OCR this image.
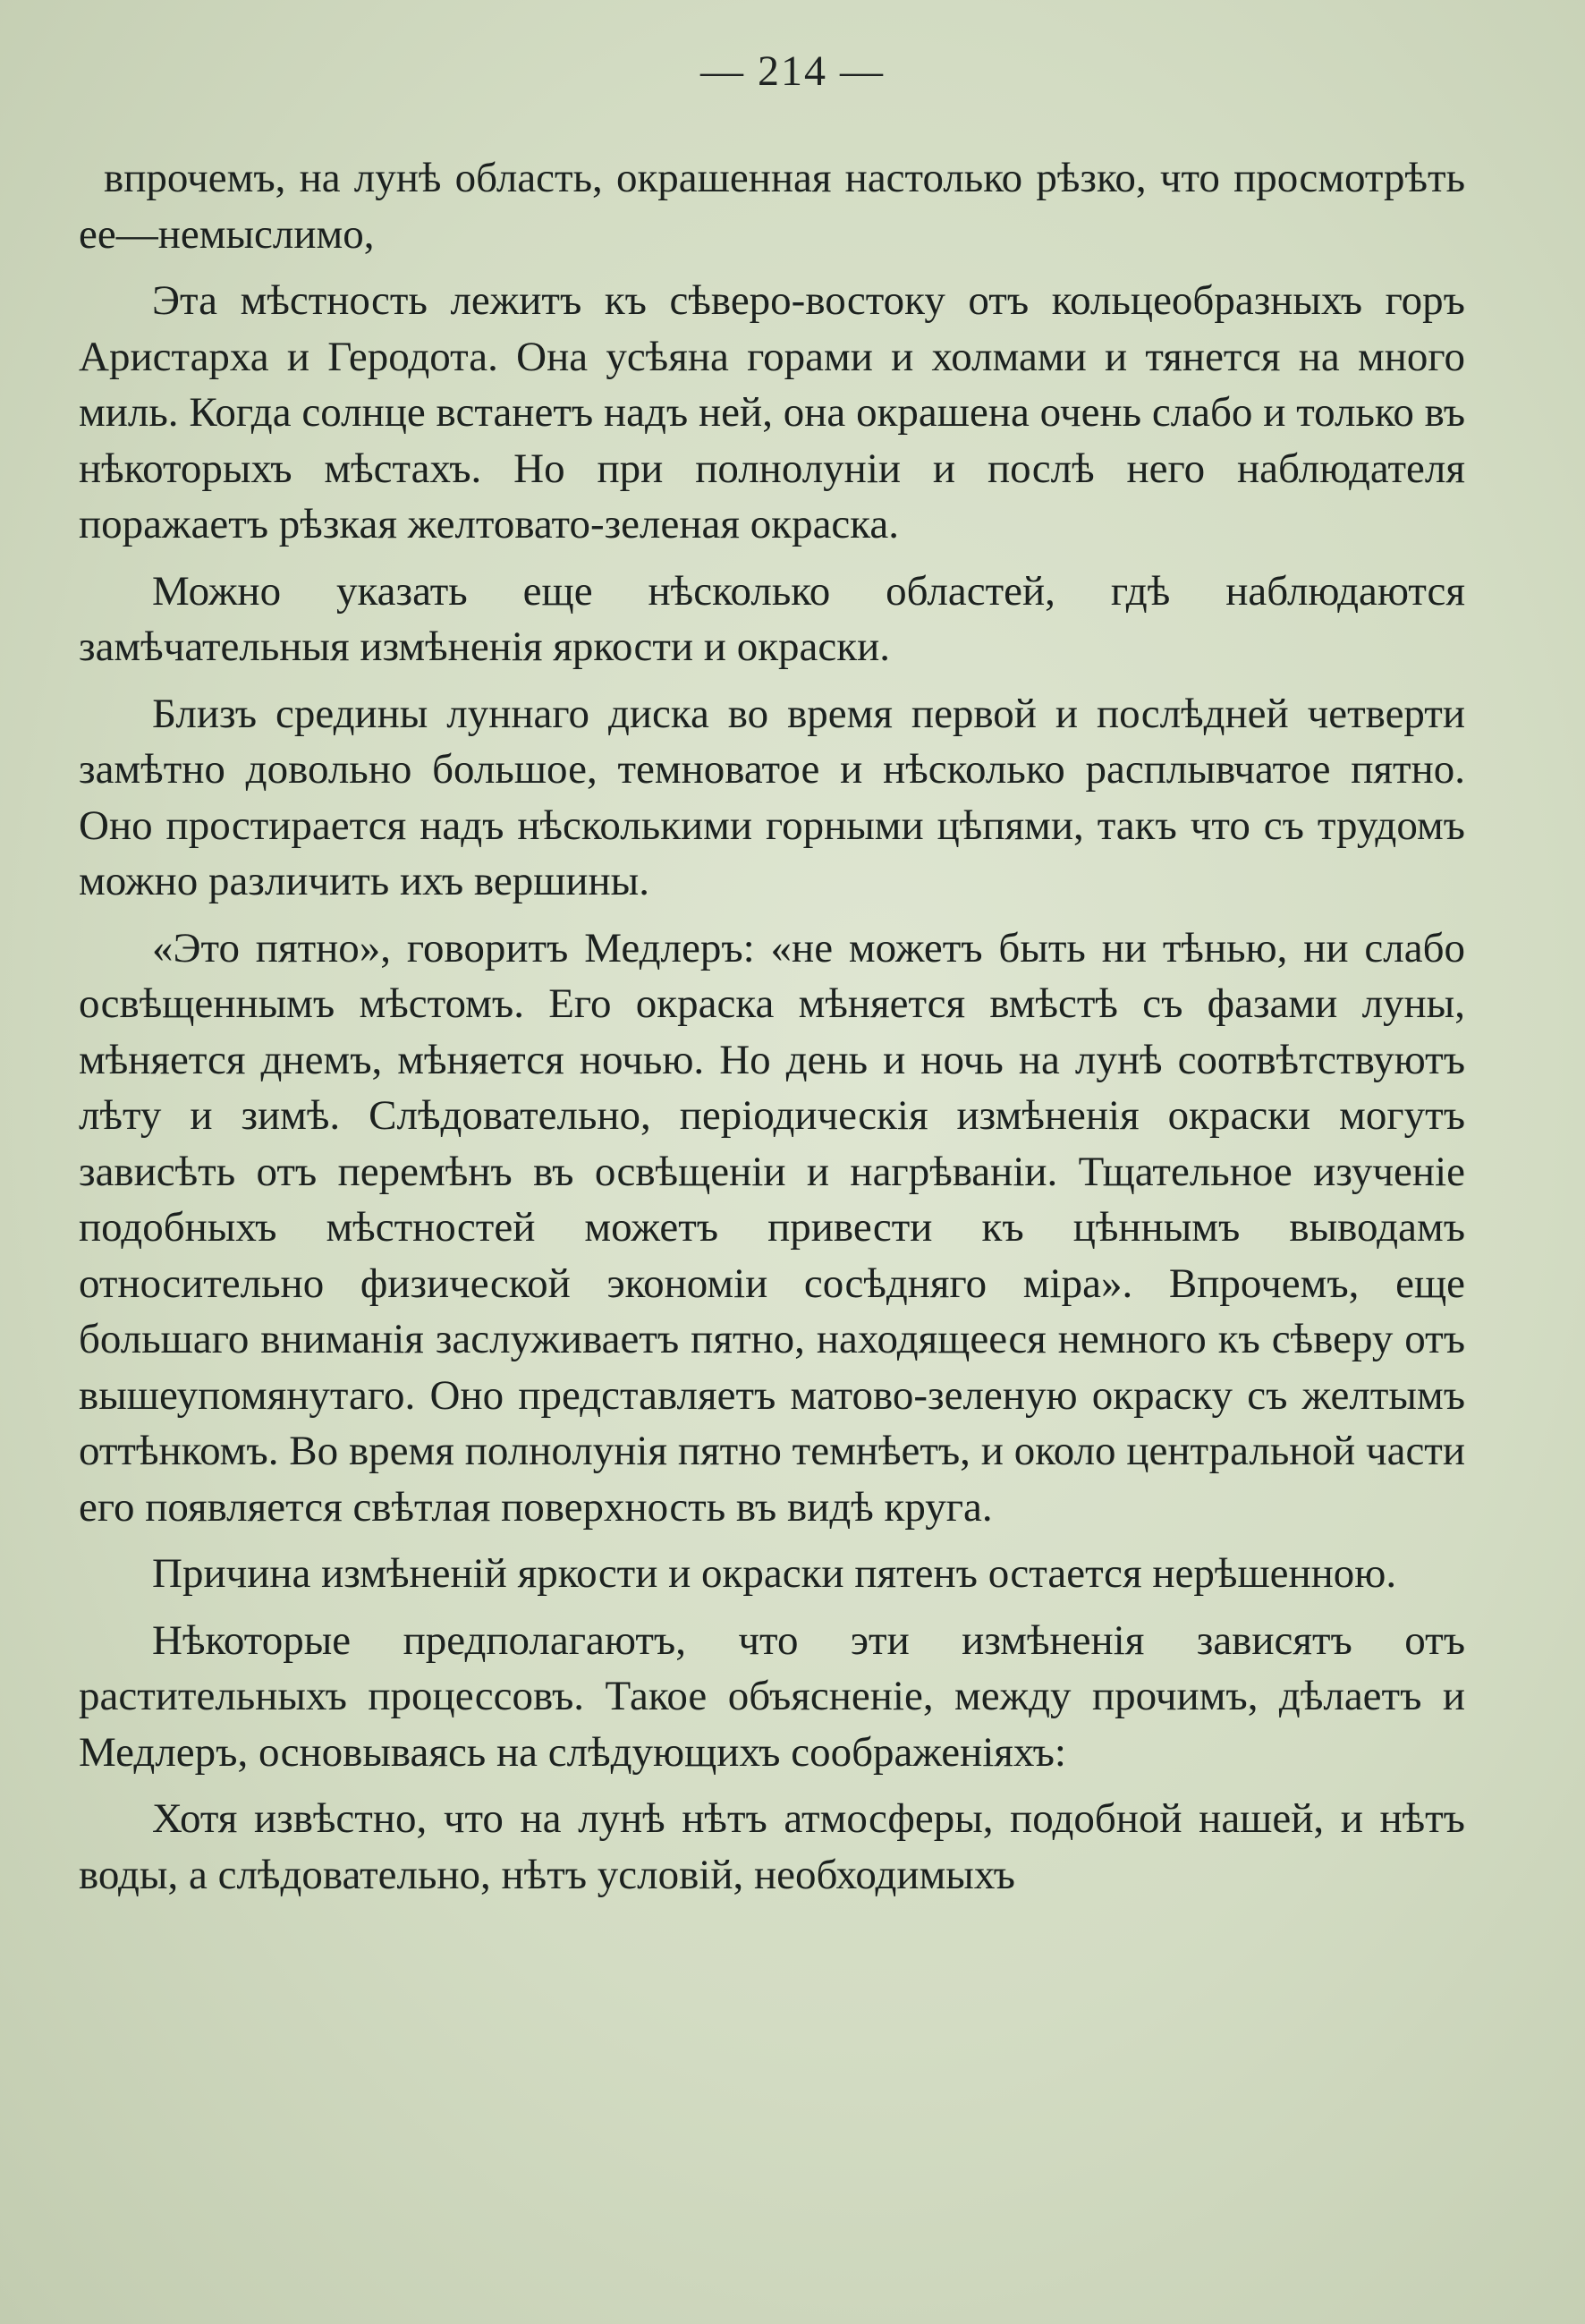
— 214 —

впрочемъ, на лунѣ область, окрашенная настолько рѣзко, что просмотрѣть ее—немыслимо,

Эта мѣстность лежитъ къ сѣверо-востоку отъ кольцеобразныхъ горъ Аристарха и Геродота. Она усѣяна горами и холмами и тянется на много миль. Когда солнце встанетъ надъ ней, она окрашена очень слабо и только въ нѣкоторыхъ мѣстахъ. Но при полнолуніи и послѣ него наблюдателя поражаетъ рѣзкая желтовато-зеленая окраска.

Можно указать еще нѣсколько областей, гдѣ наблюдаются замѣчательныя измѣненія яркости и окраски.

Близъ средины луннаго диска во время первой и послѣдней четверти замѣтно довольно большое, темноватое и нѣсколько расплывчатое пятно. Оно простирается надъ нѣсколькими горными цѣпями, такъ что съ трудомъ можно различить ихъ вершины.

«Это пятно», говоритъ Медлеръ: «не можетъ быть ни тѣнью, ни слабо освѣщеннымъ мѣстомъ. Его окраска мѣняется вмѣстѣ съ фазами луны, мѣняется днемъ, мѣняется ночью. Но день и ночь на лунѣ соотвѣтствуютъ лѣту и зимѣ. Слѣдовательно, періодическія измѣненія окраски могутъ зависѣть отъ перемѣнъ въ освѣщеніи и нагрѣваніи. Тщательное изученіе подобныхъ мѣстностей можетъ привести къ цѣннымъ выводамъ относительно физической экономіи сосѣдняго міра». Впрочемъ, еще большаго вниманія заслуживаетъ пятно, находящееся немного къ сѣверу отъ вышеупомянутаго. Оно представляетъ матово-зеленую окраску съ желтымъ оттѣнкомъ. Во время полнолунія пятно темнѣетъ, и около центральной части его появляется свѣтлая поверхность въ видѣ круга.

Причина измѣненій яркости и окраски пятенъ остается нерѣшенною.

Нѣкоторые предполагаютъ, что эти измѣненія зависятъ отъ растительныхъ процессовъ. Такое объясненіе, между прочимъ, дѣлаетъ и Медлеръ, основываясь на слѣдующихъ соображеніяхъ:

Хотя извѣстно, что на лунѣ нѣтъ атмосферы, подобной нашей, и нѣтъ воды, а слѣдовательно, нѣтъ условій, необходимыхъ
